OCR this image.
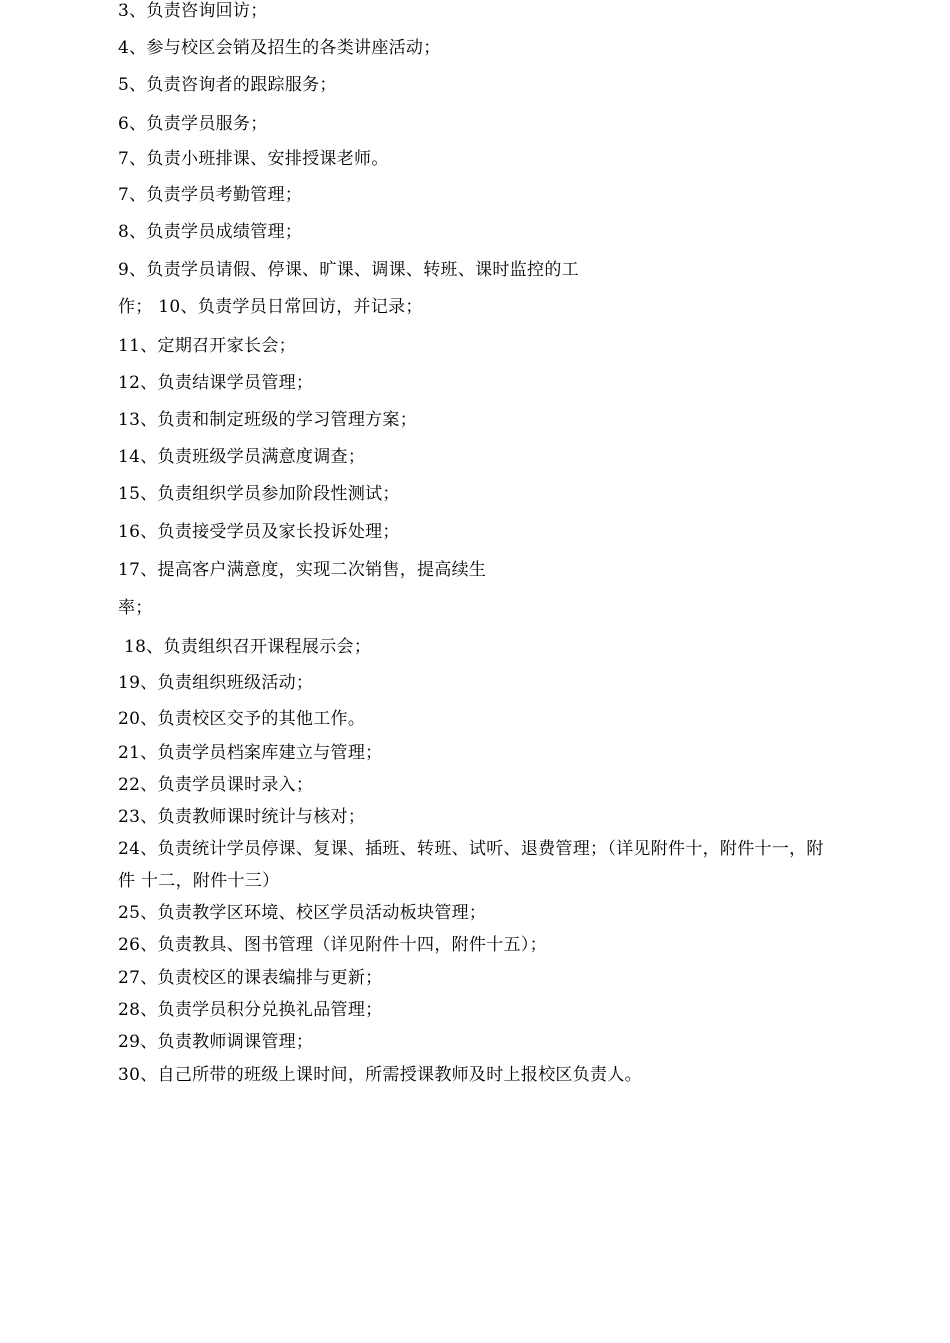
3、负责咨询回访；
4、参与校区会销及招生的各类讲座活动；
5、负责咨询者的跟踪服务；
6、负责学员服务；
7、负责小班排课、安排授课老师。
7、负责学员考勤管理；
8、负责学员成绩管理；
9、负责学员请假、停课、旷课、调课、转班、课时监控的工
作； 10、负责学员日常回访，并记录；
11、定期召开家长会；
12、负责结课学员管理；
13、负责和制定班级的学习管理方案；
14、负责班级学员满意度调查；
15、负责组织学员参加阶段性测试；
16、负责接受学员及家长投诉处理；
17、提高客户满意度，实现二次销售，提高续生
率；
18、负责组织召开课程展示会；
19、负责组织班级活动；
20、负责校区交予的其他工作。
21、负责学员档案库建立与管理；
22、负责学员课时录入；
23、负责教师课时统计与核对；
24、负责统计学员停课、复课、插班、转班、试听、退费管理；（详见附件十，附件十一，附
件 十二，附件十三）
25、负责教学区环境、校区学员活动板块管理；
26、负责教具、图书管理（详见附件十四，附件十五）；
27、负责校区的课表编排与更新；
28、负责学员积分兑换礼品管理；
29、负责教师调课管理；
30、自己所带的班级上课时间，所需授课教师及时上报校区负责人。
